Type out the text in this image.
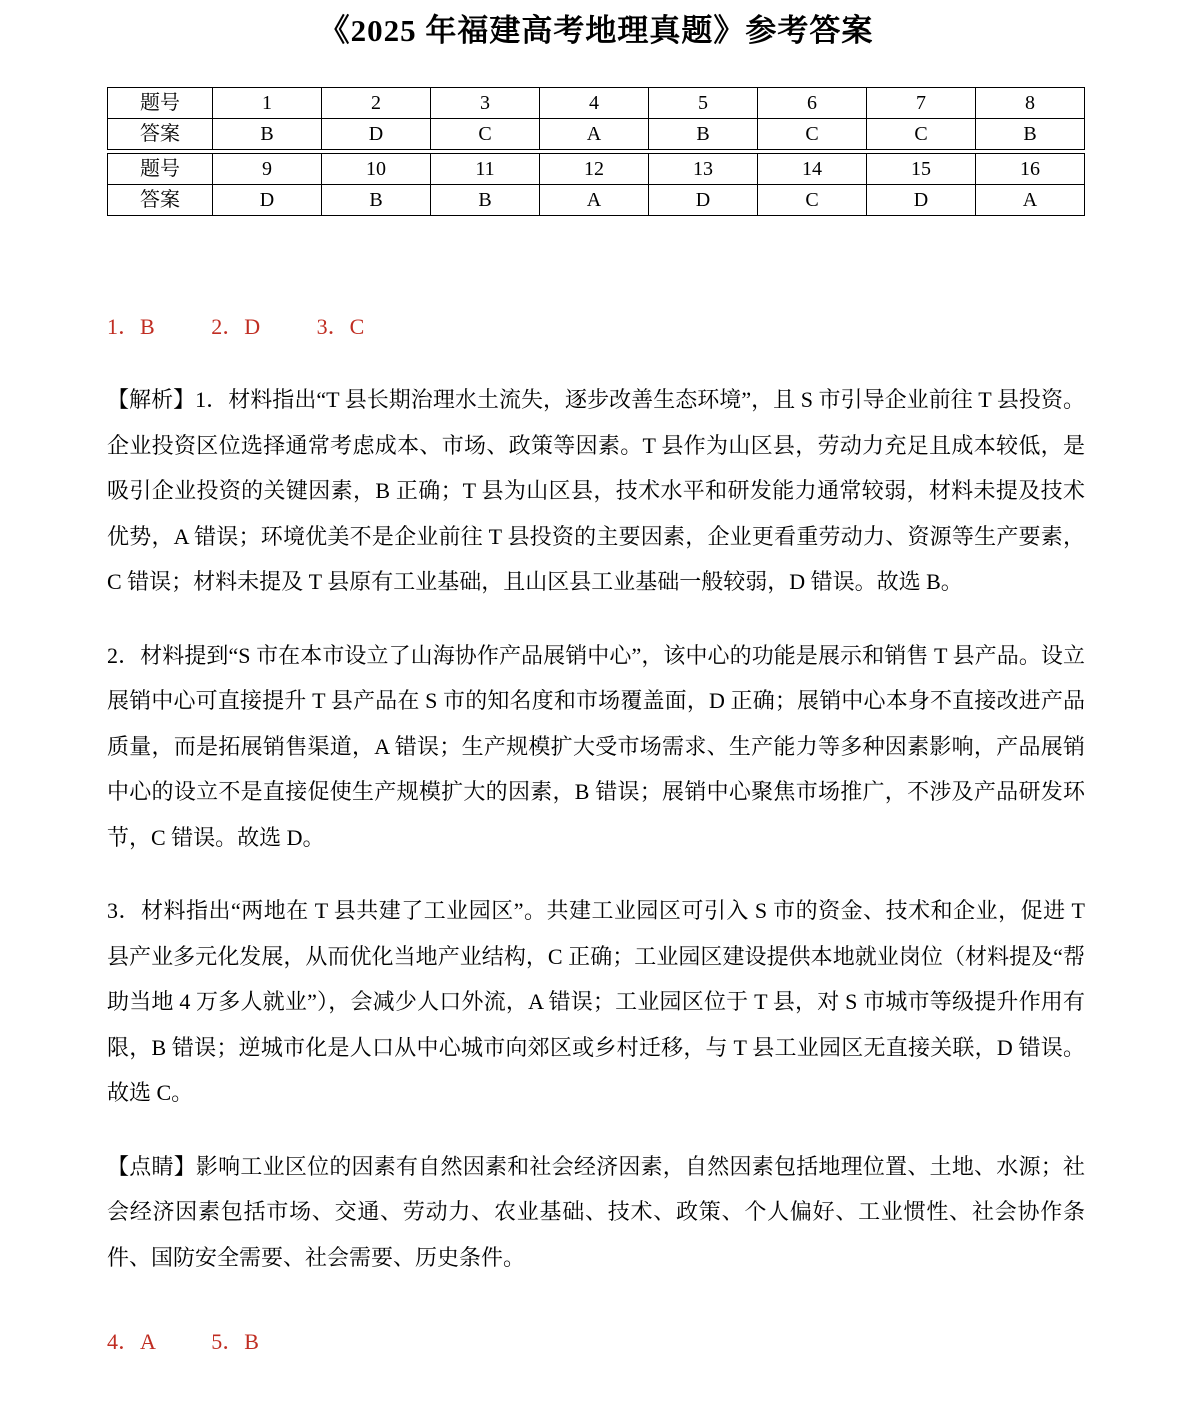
《2025 年福建高考地理真题》参考答案
题号	1	2	3	4	5	6	7	8
答案	B	D	C	A	B	C	C	B
题号	9	10	11	12	13	14	15	16
答案	D	B	B	A	D	C	D	A

1．B	2．D	3．C

【解析】1．材料指出“T 县长期治理水土流失，逐步改善生态环境”，且 S 市引导企业前往 T 县投资。企业投资区位选择通常考虑成本、市场、政策等因素。T 县作为山区县，劳动力充足且成本较低，是吸引企业投资的关键因素，B 正确；T 县为山区县，技术水平和研发能力通常较弱，材料未提及技术优势，A 错误；环境优美不是企业前往 T 县投资的主要因素，企业更看重劳动力、资源等生产要素，C 错误；材料未提及 T 县原有工业基础，且山区县工业基础一般较弱，D 错误。故选 B。

2．材料提到“S 市在本市设立了山海协作产品展销中心”，该中心的功能是展示和销售 T 县产品。设立展销中心可直接提升 T 县产品在 S 市的知名度和市场覆盖面，D 正确；展销中心本身不直接改进产品质量，而是拓展销售渠道，A 错误；生产规模扩大受市场需求、生产能力等多种因素影响，产品展销中心的设立不是直接促使生产规模扩大的因素，B 错误；展销中心聚焦市场推广，不涉及产品研发环节，C 错误。故选 D。

3．材料指出“两地在 T 县共建了工业园区”。共建工业园区可引入 S 市的资金、技术和企业，促进 T 县产业多元化发展，从而优化当地产业结构，C 正确；工业园区建设提供本地就业岗位（材料提及“帮助当地 4 万多人就业”），会减少人口外流，A 错误；工业园区位于 T 县，对 S 市城市等级提升作用有限，B 错误；逆城市化是人口从中心城市向郊区或乡村迁移，与 T 县工业园区无直接关联，D 错误。故选 C。

【点睛】影响工业区位的因素有自然因素和社会经济因素，自然因素包括地理位置、土地、水源；社会经济因素包括市场、交通、劳动力、农业基础、技术、政策、个人偏好、工业惯性、社会协作条件、国防安全需要、社会需要、历史条件。

4．A	5．B
